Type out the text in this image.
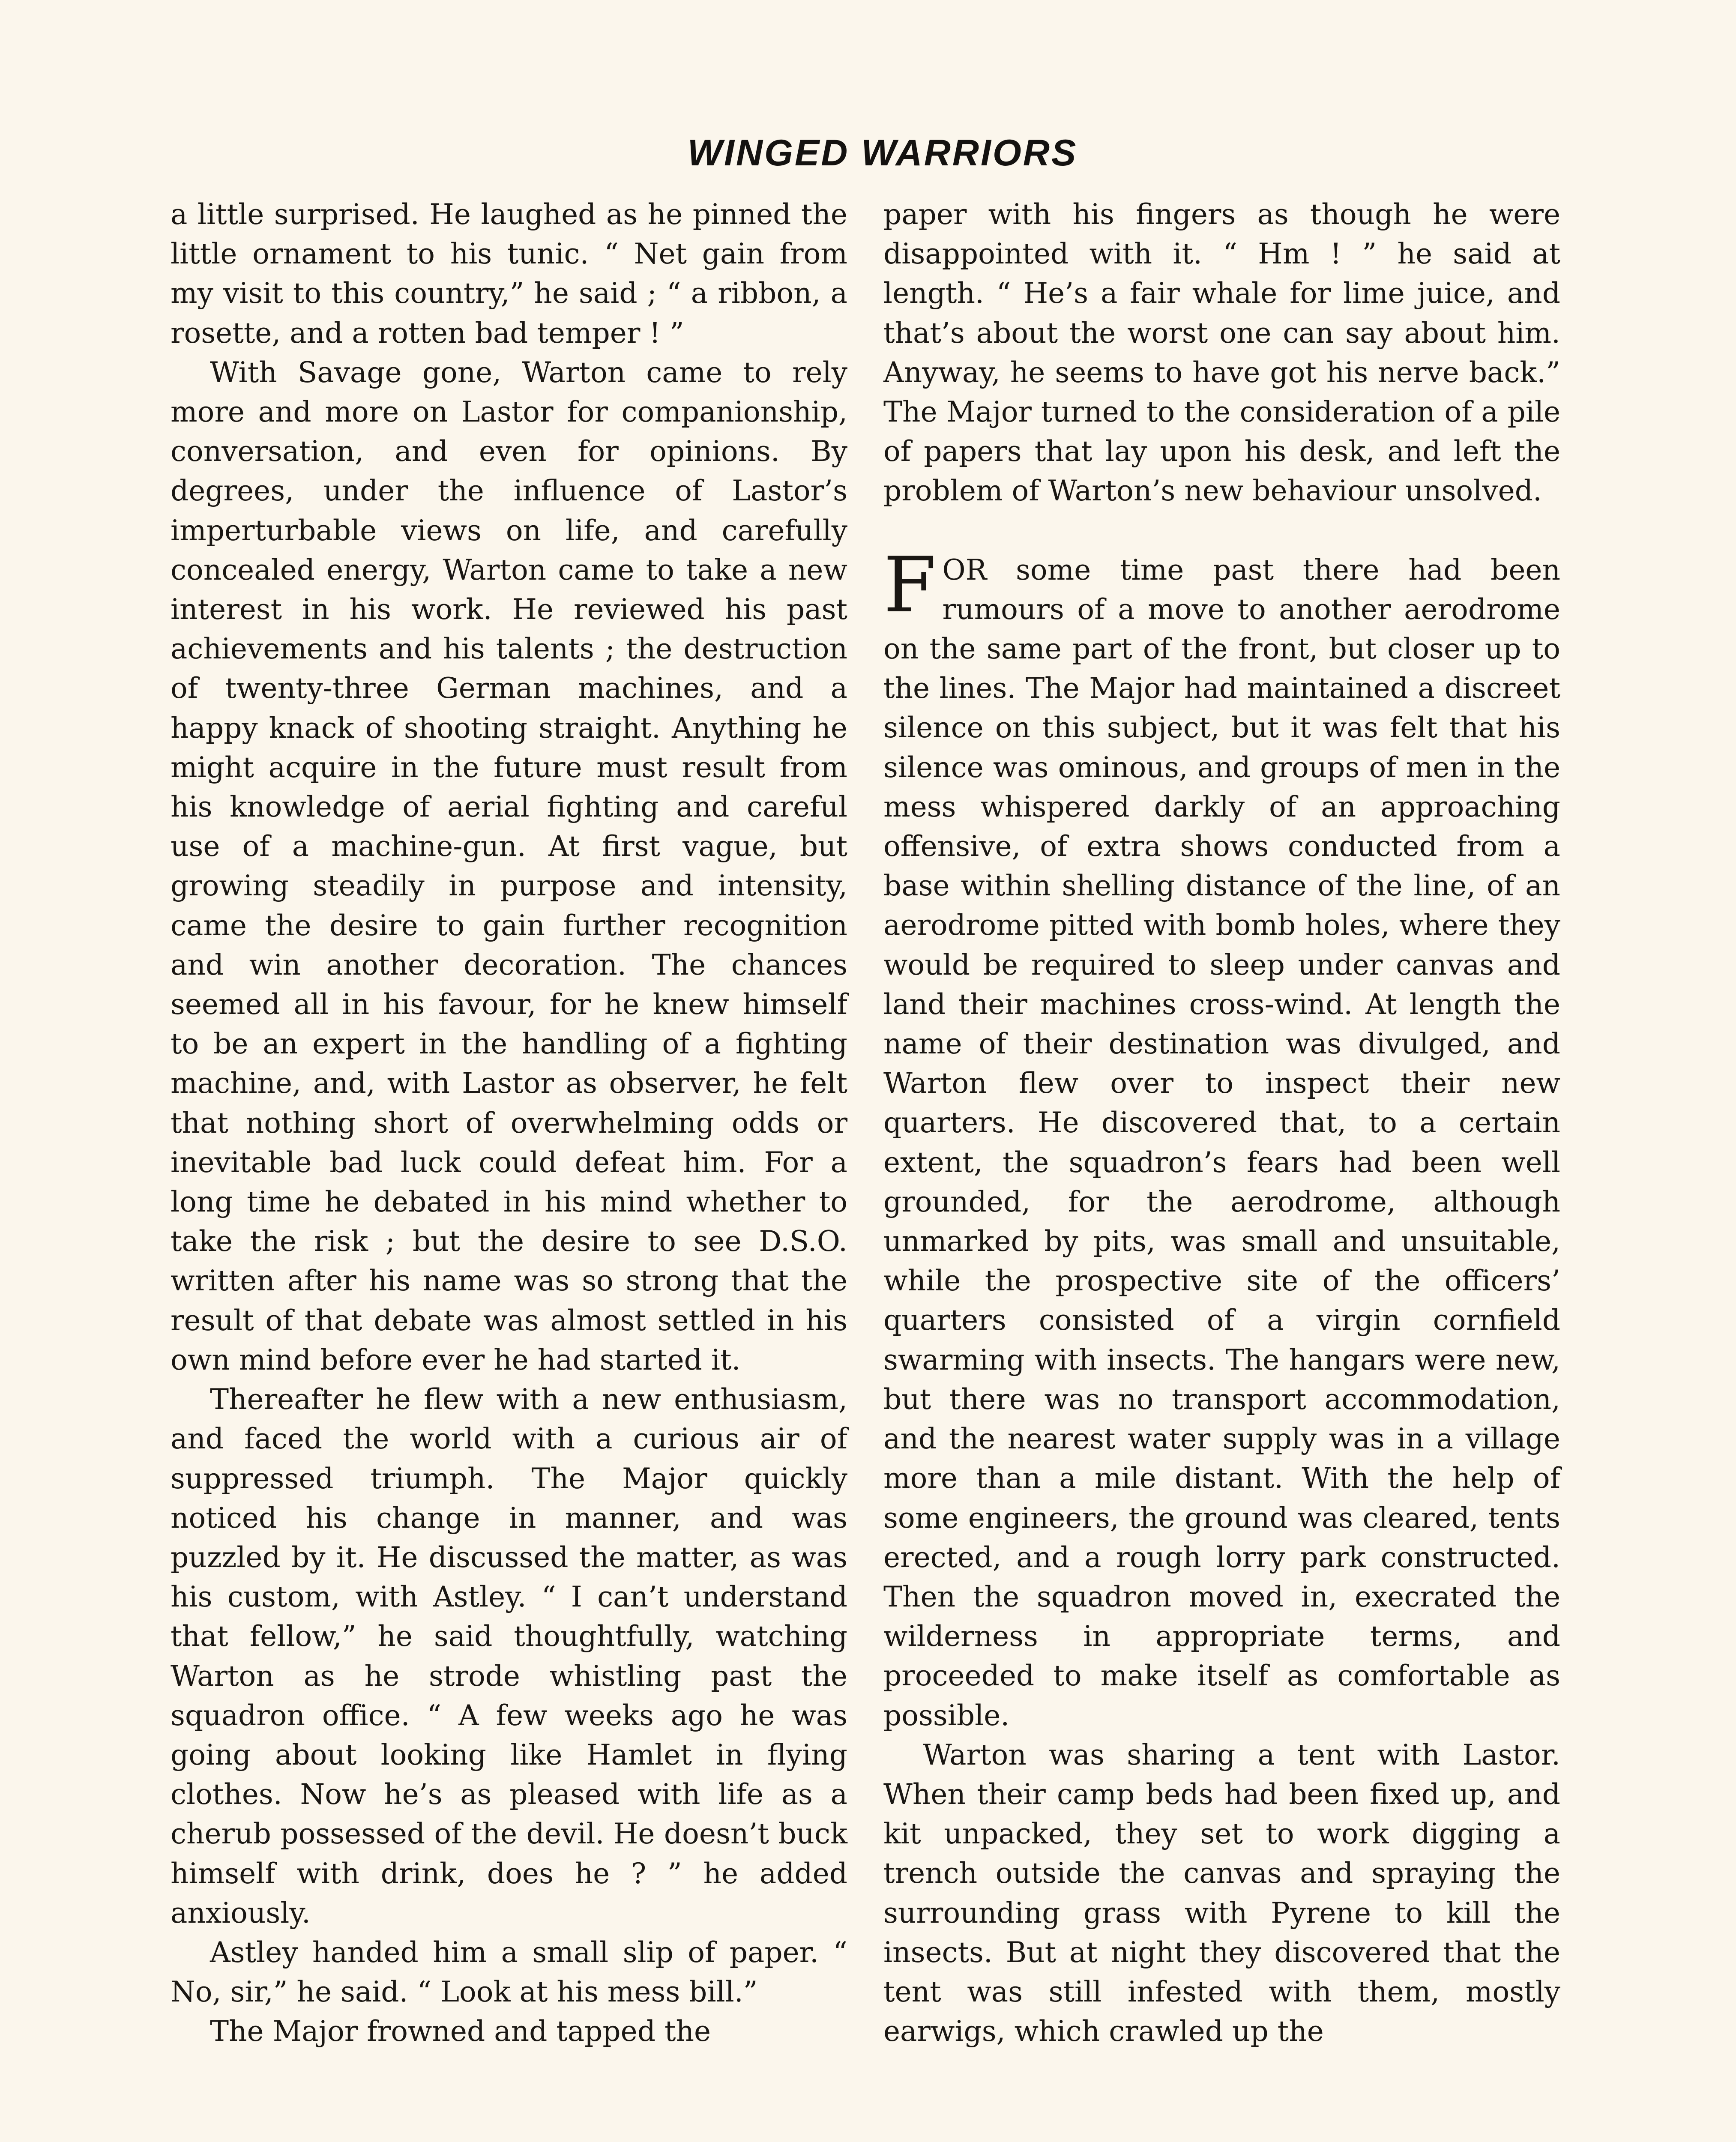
WINGED WARRIORS

a little surprised. He laughed as he pinned the little ornament to his tunic. “ Net gain from my visit to this country,” he said ; “ a ribbon, a rosette, and a rotten bad temper ! ”

With Savage gone, Warton came to rely more and more on Lastor for companionship, conversation, and even for opinions. By degrees, under the influence of Lastor’s imperturbable views on life, and carefully concealed energy, Warton came to take a new interest in his work. He reviewed his past achievements and his talents ; the destruction of twenty-three German machines, and a happy knack of shooting straight. Anything he might acquire in the future must result from his knowledge of aerial fighting and careful use of a machine-gun. At first vague, but growing steadily in purpose and intensity, came the desire to gain further recognition and win another decoration. The chances seemed all in his favour, for he knew himself to be an expert in the handling of a fighting machine, and, with Lastor as observer, he felt that nothing short of overwhelming odds or inevitable bad luck could defeat him. For a long time he debated in his mind whether to take the risk ; but the desire to see D.S.O. written after his name was so strong that the result of that debate was almost settled in his own mind before ever he had started it.

Thereafter he flew with a new enthusiasm, and faced the world with a curious air of suppressed triumph. The Major quickly noticed his change in manner, and was puzzled by it. He discussed the matter, as was his custom, with Astley. “ I can’t understand that fellow,” he said thoughtfully, watching Warton as he strode whistling past the squadron office. “ A few weeks ago he was going about looking like Hamlet in flying clothes. Now he’s as pleased with life as a cherub possessed of the devil. He doesn’t buck himself with drink, does he ? ” he added anxiously.

Astley handed him a small slip of paper. “ No, sir,” he said. “ Look at his mess bill.”

The Major frowned and tapped the

paper with his fingers as though he were disappointed with it. “ Hm ! ” he said at length. “ He’s a fair whale for lime juice, and that’s about the worst one can say about him. Anyway, he seems to have got his nerve back.” The Major turned to the consideration of a pile of papers that lay upon his desk, and left the problem of Warton’s new behaviour unsolved.

FOR some time past there had been rumours of a move to another aerodrome on the same part of the front, but closer up to the lines. The Major had maintained a discreet silence on this subject, but it was felt that his silence was ominous, and groups of men in the mess whispered darkly of an approaching offensive, of extra shows conducted from a base within shelling distance of the line, of an aerodrome pitted with bomb holes, where they would be required to sleep under canvas and land their machines cross-wind. At length the name of their destination was divulged, and Warton flew over to inspect their new quarters. He discovered that, to a certain extent, the squadron’s fears had been well grounded, for the aerodrome, although unmarked by pits, was small and unsuitable, while the prospective site of the officers’ quarters consisted of a virgin cornfield swarming with insects. The hangars were new, but there was no transport accommodation, and the nearest water supply was in a village more than a mile distant. With the help of some engineers, the ground was cleared, tents erected, and a rough lorry park constructed. Then the squadron moved in, execrated the wilderness in appropriate terms, and proceeded to make itself as comfortable as possible.

Warton was sharing a tent with Lastor. When their camp beds had been fixed up, and kit unpacked, they set to work digging a trench outside the canvas and spraying the surrounding grass with Pyrene to kill the insects. But at night they discovered that the tent was still infested with them, mostly earwigs, which crawled up the
